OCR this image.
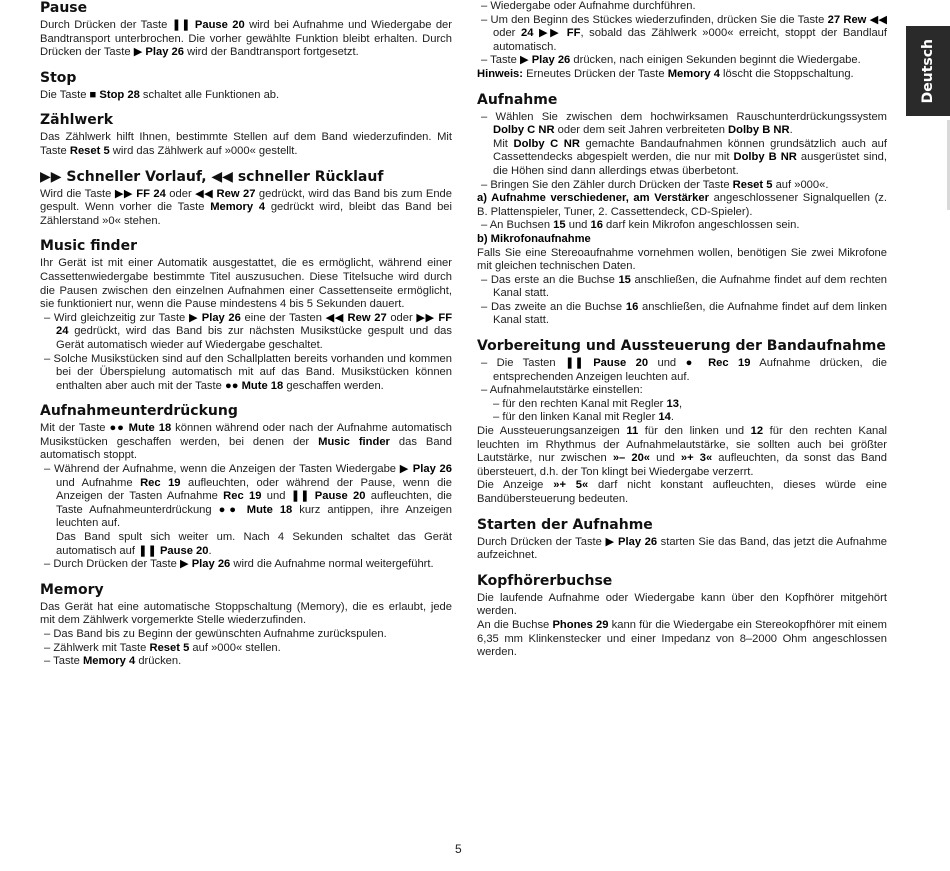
Pause

Durch Drücken der Taste ❚❚ Pause 20 wird bei Aufnahme und Wiedergabe der Bandtransport unterbrochen. Die vorher gewählte Funktion bleibt erhalten. Durch Drücken der Taste ▶ Play 26 wird der Bandtransport fortgesetzt.

Stop

Die Taste ■ Stop 28 schaltet alle Funktionen ab.

Zählwerk

Das Zählwerk hilft Ihnen, bestimmte Stellen auf dem Band wiederzufinden. Mit Taste Reset 5 wird das Zählwerk auf »000« gestellt.

▶▶ Schneller Vorlauf, ◀◀ schneller Rücklauf

Wird die Taste ▶▶ FF 24 oder ◀◀ Rew 27 gedrückt, wird das Band bis zum Ende gespult. Wenn vorher die Taste Memory 4 gedrückt wird, bleibt das Band bei Zählerstand »0« stehen.

Music finder

Ihr Gerät ist mit einer Automatik ausgestattet, die es ermöglicht, während einer Cassettenwiedergabe bestimmte Titel auszusuchen. Diese Titelsuche wird durch die Pausen zwischen den einzelnen Aufnahmen einer Cassettenseite ermöglicht, sie funktioniert nur, wenn die Pause mindestens 4 bis 5 Sekunden dauert.

– Wird gleichzeitig zur Taste ▶ Play 26 eine der Tasten ◀◀ Rew 27 oder ▶▶ FF 24 gedrückt, wird das Band bis zur nächsten Musikstücke gespult und das Gerät automatisch wieder auf Wiedergabe geschaltet.

– Solche Musikstücken sind auf den Schallplatten bereits vorhanden und kommen bei der Überspielung automatisch mit auf das Band. Musikstücken können enthalten aber auch mit der Taste ●● Mute 18 geschaffen werden.

Aufnahmeunterdrückung

Mit der Taste ●● Mute 18 können während oder nach der Aufnahme automatisch Musikstücken geschaffen werden, bei denen der Music finder das Band automatisch stoppt.

– Während der Aufnahme, wenn die Anzeigen der Tasten Wiedergabe ▶ Play 26 und Aufnahme Rec 19 aufleuchten, oder während der Pause, wenn die Anzeigen der Tasten Aufnahme Rec 19 und ❚❚ Pause 20 aufleuchten, die Taste Aufnahmeunterdrückung ●● Mute 18 kurz antippen, ihre Anzeigen leuchten auf.

Das Band spult sich weiter um. Nach 4 Sekunden schaltet das Gerät automatisch auf ❚❚ Pause 20.

– Durch Drücken der Taste ▶ Play 26 wird die Aufnahme normal weitergeführt.

Memory

Das Gerät hat eine automatische Stoppschaltung (Memory), die es erlaubt, jede mit dem Zählwerk vorgemerkte Stelle wiederzufinden.

– Das Band bis zu Beginn der gewünschten Aufnahme zurückspulen.

– Zählwerk mit Taste Reset 5 auf »000« stellen.

– Taste Memory 4 drücken.

– Wiedergabe oder Aufnahme durchführen.

– Um den Beginn des Stückes wiederzufinden, drücken Sie die Taste 27 Rew ◀◀ oder 24 ▶▶ FF, sobald das Zählwerk »000« erreicht, stoppt der Bandlauf automatisch.

– Taste ▶ Play 26 drücken, nach einigen Sekunden beginnt die Wiedergabe.

Hinweis: Erneutes Drücken der Taste Memory 4 löscht die Stoppschaltung.

Aufnahme

– Wählen Sie zwischen dem hochwirksamen Rauschunterdrückungssystem Dolby C NR oder dem seit Jahren verbreiteten Dolby B NR.

Mit Dolby C NR gemachte Bandaufnahmen können grundsätzlich auch auf Cassettendecks abgespielt werden, die nur mit Dolby B NR ausgerüstet sind, die Höhen sind dann allerdings etwas überbetont.

– Bringen Sie den Zähler durch Drücken der Taste Reset 5 auf »000«.

a) Aufnahme verschiedener, am Verstärker angeschlossener Signalquellen (z. B. Plattenspieler, Tuner, 2. Cassettendeck, CD-Spieler).

– An Buchsen 15 und 16 darf kein Mikrofon angeschlossen sein.

b) Mikrofonaufnahme

Falls Sie eine Stereoaufnahme vornehmen wollen, benötigen Sie zwei Mikrofone mit gleichen technischen Daten.

– Das erste an die Buchse 15 anschließen, die Aufnahme findet auf dem rechten Kanal statt.

– Das zweite an die Buchse 16 anschließen, die Aufnahme findet auf dem linken Kanal statt.

Vorbereitung und Aussteuerung der Bandaufnahme

– Die Tasten ❚❚ Pause 20 und ● Rec 19 Aufnahme drücken, die entsprechenden Anzeigen leuchten auf.

– Aufnahmelautstärke einstellen:

– für den rechten Kanal mit Regler 13,

– für den linken Kanal mit Regler 14.

Die Aussteuerungsanzeigen 11 für den linken und 12 für den rechten Kanal leuchten im Rhythmus der Aufnahmelautstärke, sie sollten auch bei größter Lautstärke, nur zwischen »– 20« und »+ 3« aufleuchten, da sonst das Band übersteuert, d.h. der Ton klingt bei Wiedergabe verzerrt.

Die Anzeige »+ 5« darf nicht konstant aufleuchten, dieses würde eine Bandübersteuerung bedeuten.

Starten der Aufnahme

Durch Drücken der Taste ▶ Play 26 starten Sie das Band, das jetzt die Aufnahme aufzeichnet.

Kopfhörerbuchse

Die laufende Aufnahme oder Wiedergabe kann über den Kopfhörer mitgehört werden.

An die Buchse Phones 29 kann für die Wiedergabe ein Stereokopfhörer mit einem 6,35 mm Klinkenstecker und einer Impedanz von 8–2000 Ohm angeschlossen werden.

Deutsch
5
